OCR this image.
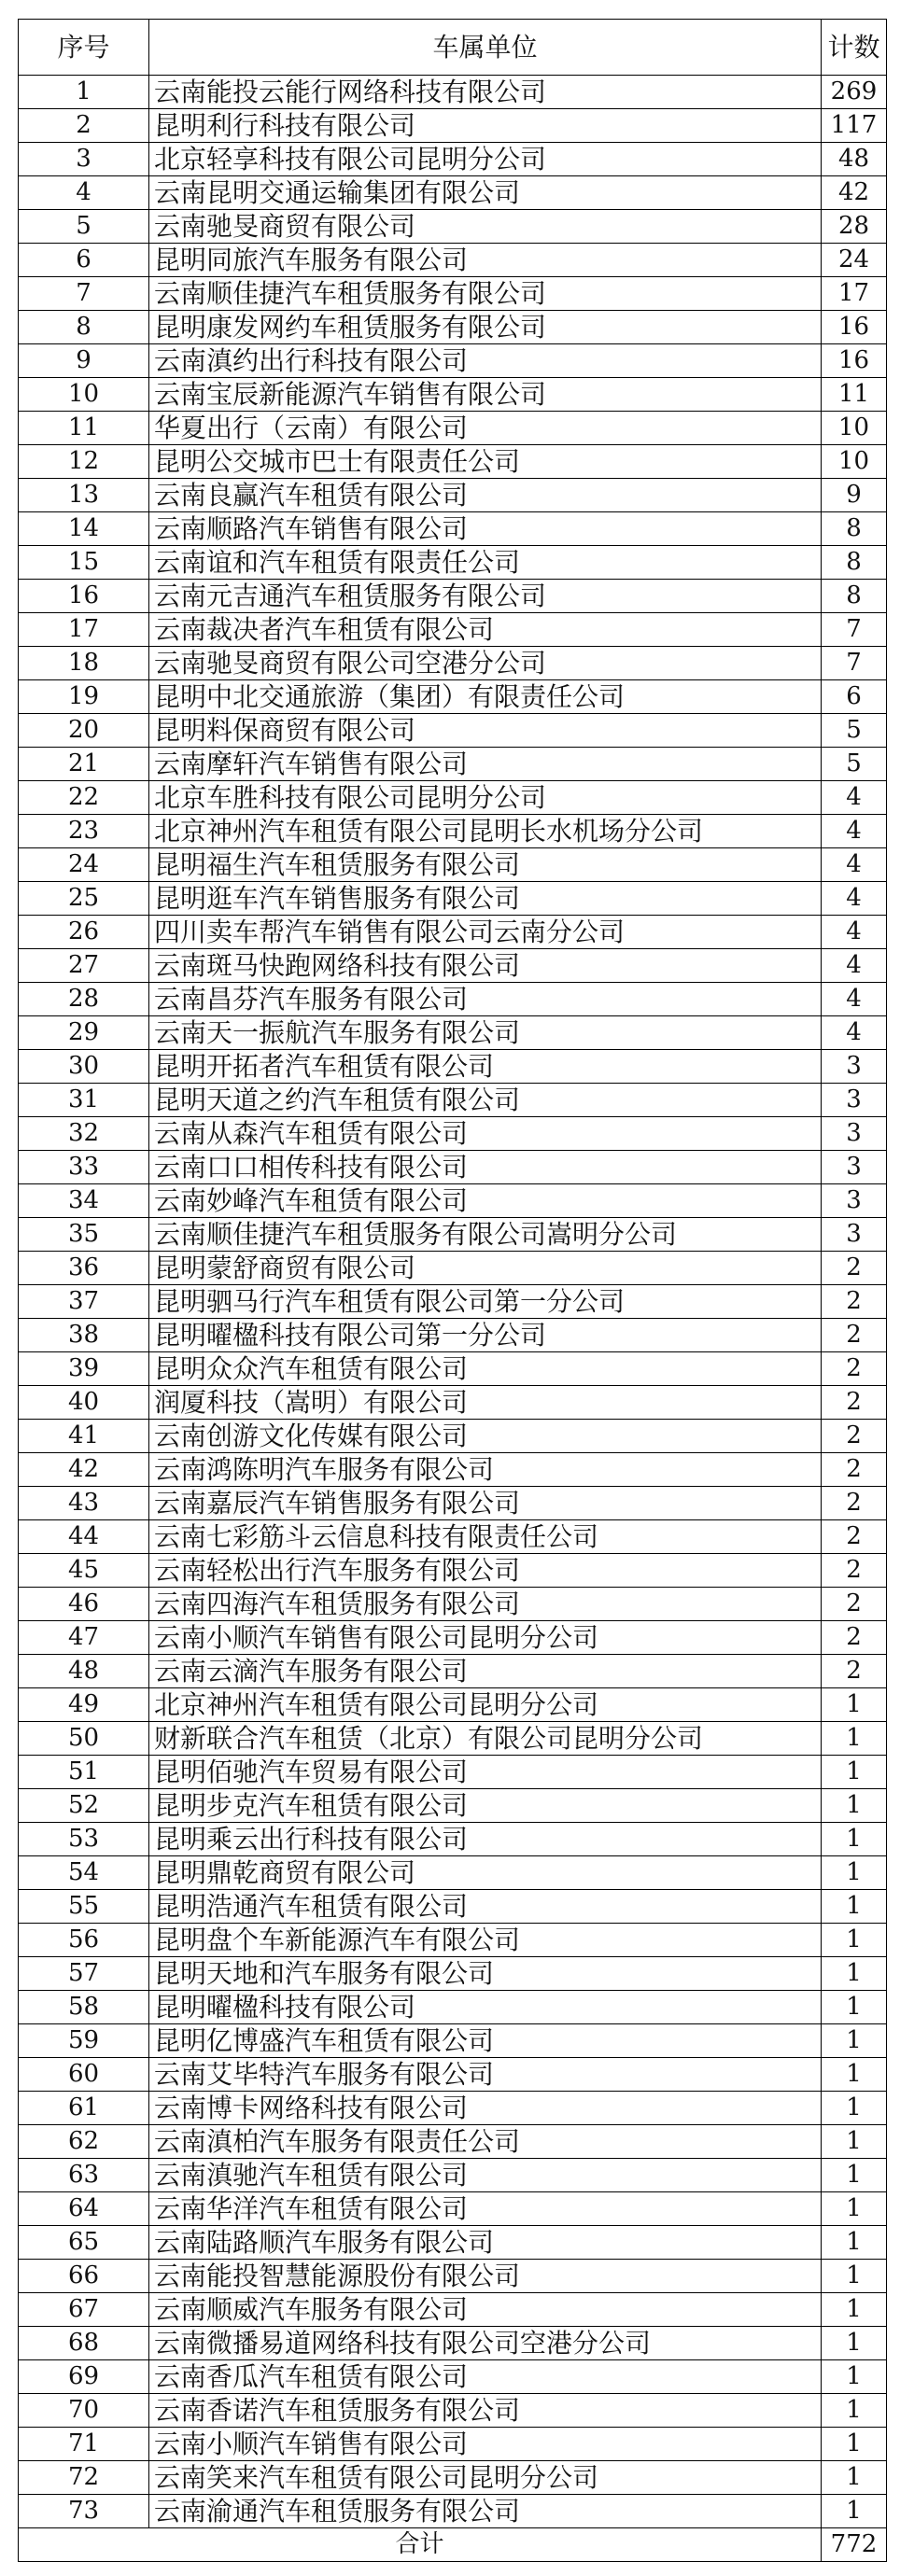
序号	车属单位	计数
1	云南能投云能行网络科技有限公司	269
2	昆明利行科技有限公司	117
3	北京轻享科技有限公司昆明分公司	48
4	云南昆明交通运输集团有限公司	42
5	云南驰旻商贸有限公司	28
6	昆明同旅汽车服务有限公司	24
7	云南顺佳捷汽车租赁服务有限公司	17
8	昆明康发网约车租赁服务有限公司	16
9	云南滇约出行科技有限公司	16
10	云南宝辰新能源汽车销售有限公司	11
11	华夏出行（云南）有限公司	10
12	昆明公交城市巴士有限责任公司	10
13	云南良赢汽车租赁有限公司	9
14	云南顺路汽车销售有限公司	8
15	云南谊和汽车租赁有限责任公司	8
16	云南元吉通汽车租赁服务有限公司	8
17	云南裁决者汽车租赁有限公司	7
18	云南驰旻商贸有限公司空港分公司	7
19	昆明中北交通旅游（集团）有限责任公司	6
20	昆明料保商贸有限公司	5
21	云南摩轩汽车销售有限公司	5
22	北京车胜科技有限公司昆明分公司	4
23	北京神州汽车租赁有限公司昆明长水机场分公司	4
24	昆明福生汽车租赁服务有限公司	4
25	昆明逛车汽车销售服务有限公司	4
26	四川卖车帮汽车销售有限公司云南分公司	4
27	云南斑马快跑网络科技有限公司	4
28	云南昌芬汽车服务有限公司	4
29	云南天一振航汽车服务有限公司	4
30	昆明开拓者汽车租赁有限公司	3
31	昆明天道之约汽车租赁有限公司	3
32	云南从森汽车租赁有限公司	3
33	云南口口相传科技有限公司	3
34	云南妙峰汽车租赁有限公司	3
35	云南顺佳捷汽车租赁服务有限公司嵩明分公司	3
36	昆明蒙舒商贸有限公司	2
37	昆明驷马行汽车租赁有限公司第一分公司	2
38	昆明曜楹科技有限公司第一分公司	2
39	昆明众众汽车租赁有限公司	2
40	润厦科技（嵩明）有限公司	2
41	云南创游文化传媒有限公司	2
42	云南鸿陈明汽车服务有限公司	2
43	云南嘉辰汽车销售服务有限公司	2
44	云南七彩筋斗云信息科技有限责任公司	2
45	云南轻松出行汽车服务有限公司	2
46	云南四海汽车租赁服务有限公司	2
47	云南小顺汽车销售有限公司昆明分公司	2
48	云南云滴汽车服务有限公司	2
49	北京神州汽车租赁有限公司昆明分公司	1
50	财新联合汽车租赁（北京）有限公司昆明分公司	1
51	昆明佰驰汽车贸易有限公司	1
52	昆明步克汽车租赁有限公司	1
53	昆明乘云出行科技有限公司	1
54	昆明鼎乾商贸有限公司	1
55	昆明浩通汽车租赁有限公司	1
56	昆明盘个车新能源汽车有限公司	1
57	昆明天地和汽车服务有限公司	1
58	昆明曜楹科技有限公司	1
59	昆明亿博盛汽车租赁有限公司	1
60	云南艾毕特汽车服务有限公司	1
61	云南博卡网络科技有限公司	1
62	云南滇柏汽车服务有限责任公司	1
63	云南滇驰汽车租赁有限公司	1
64	云南华洋汽车租赁有限公司	1
65	云南陆路顺汽车服务有限公司	1
66	云南能投智慧能源股份有限公司	1
67	云南顺威汽车服务有限公司	1
68	云南微播易道网络科技有限公司空港分公司	1
69	云南香瓜汽车租赁有限公司	1
70	云南香诺汽车租赁服务有限公司	1
71	云南小顺汽车销售有限公司	1
72	云南笑来汽车租赁有限公司昆明分公司	1
73	云南渝通汽车租赁服务有限公司	1
合计		772
